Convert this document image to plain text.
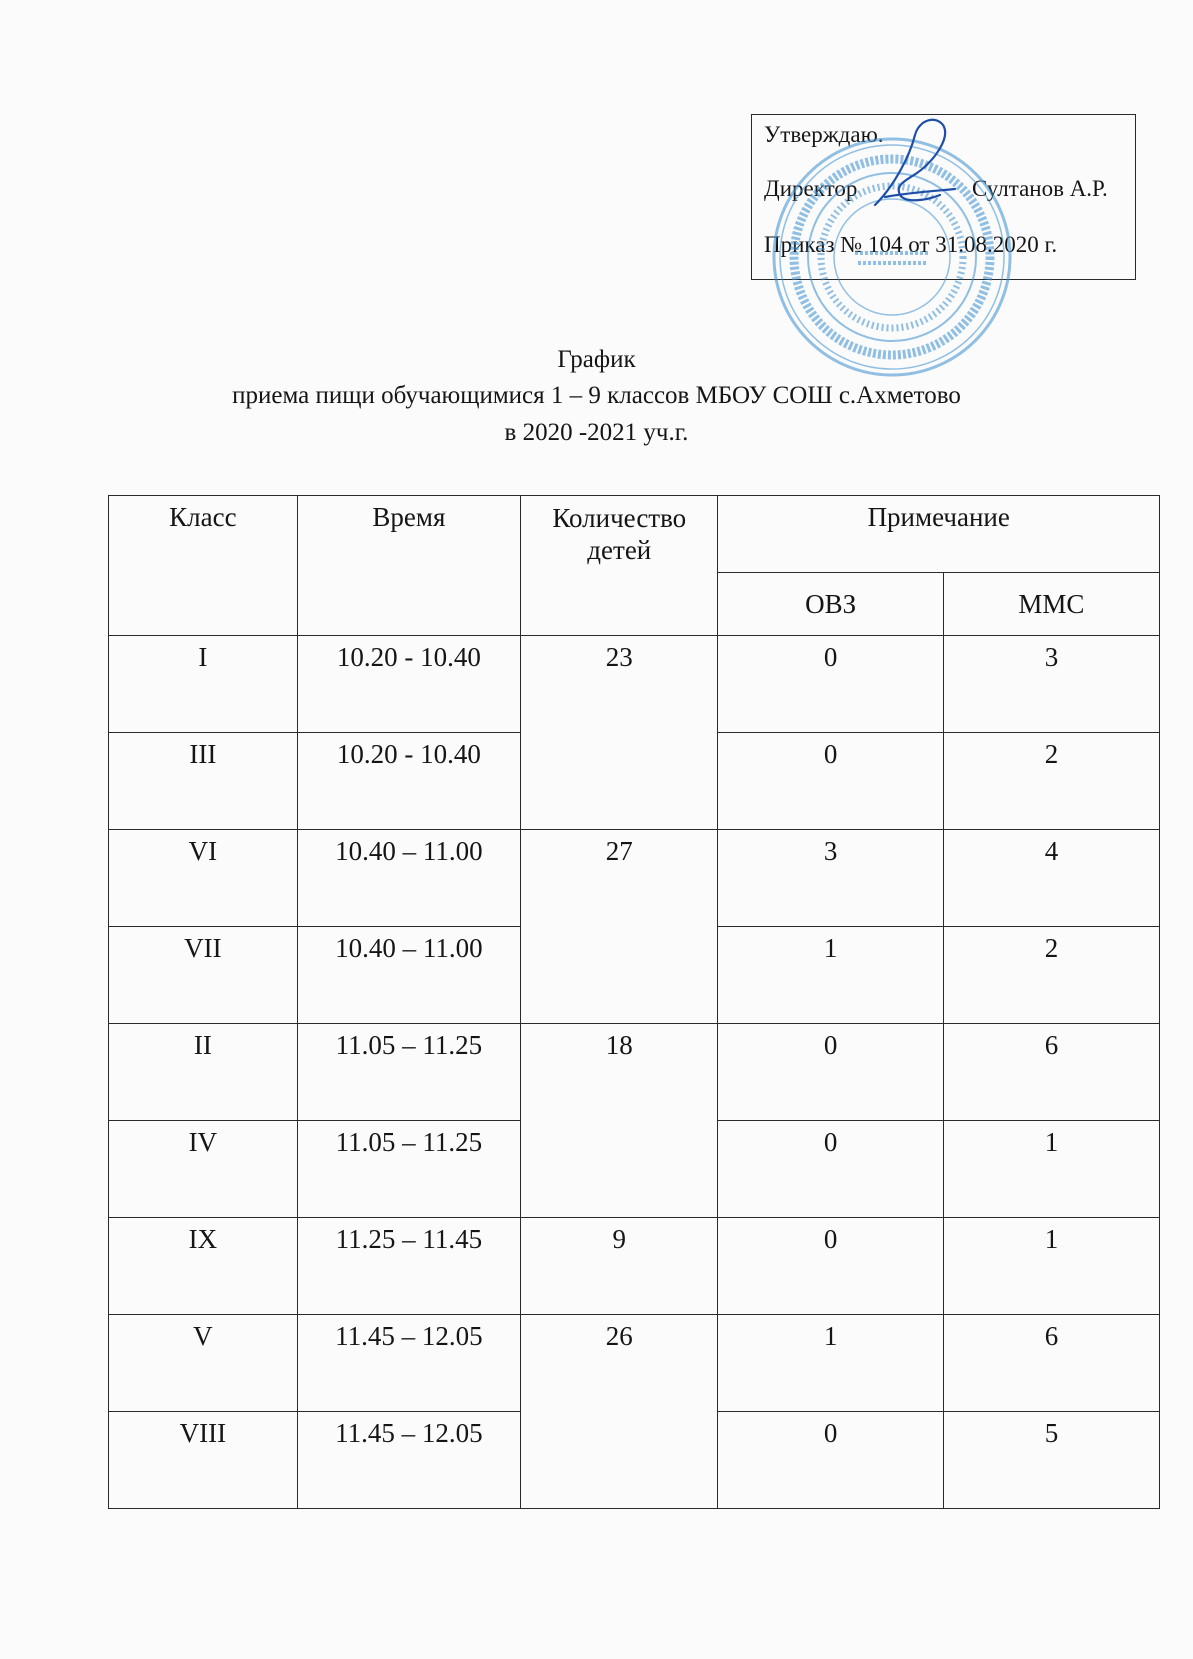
Утверждаю.
Директор	Султанов А.Р.
Приказ № 104 от 31.08.2020 г.
График
приема пищи обучающимися 1 – 9 классов МБОУ СОШ с.Ахметово
в 2020 -2021 уч.г.
Класс	Время	Количество детей	Примечание	
			ОВЗ	ММС
I	10.20 - 10.40	23	0	3
III	10.20 - 10.40		0	2
VI	10.40 – 11.00	27	3	4
VII	10.40 – 11.00		1	2
II	11.05 – 11.25	18	0	6
IV	11.05 – 11.25		0	1
IX	11.25 – 11.45	9	0	1
V	11.45 – 12.05	26	1	6
VIII	11.45 – 12.05		0	5
